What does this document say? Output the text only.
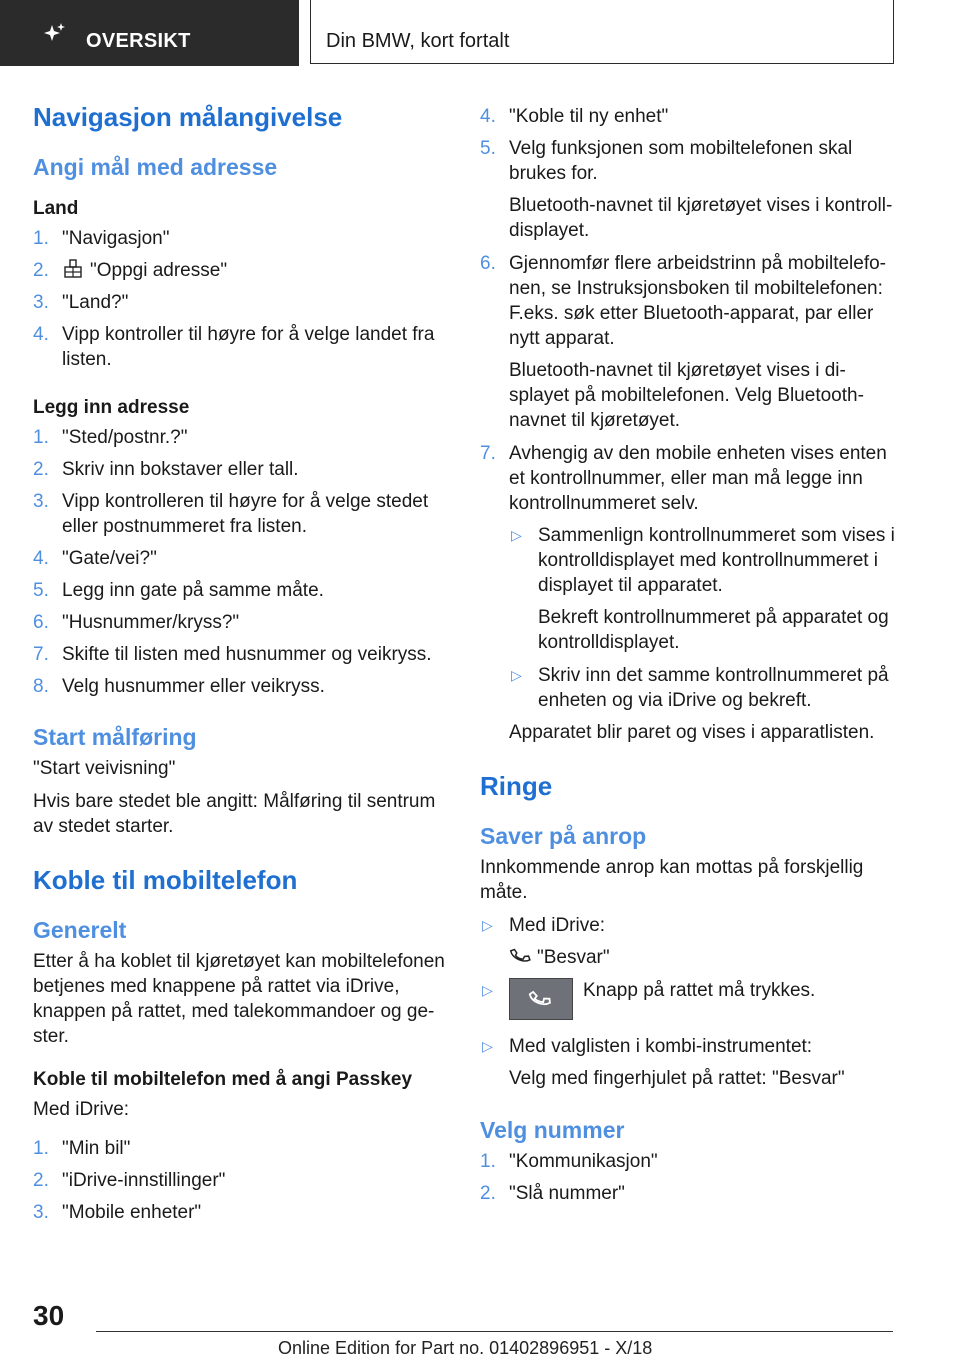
OVERSIKT	Din BMW, kort fortalt
Navigasjon målangivelse
Angi mål med adresse
Land
1. "Navigasjon"
2. "Oppgi adresse"
3. "Land?"
4. Vipp kontroller til høyre for å velge landet fra listen.
Legg inn adresse
1. "Sted/postnr.?"
2. Skriv inn bokstaver eller tall.
3. Vipp kontrolleren til høyre for å velge stedet eller postnummeret fra listen.
4. "Gate/vei?"
5. Legg inn gate på samme måte.
6. "Husnummer/kryss?"
7. Skifte til listen med husnummer og veikryss.
8. Velg husnummer eller veikryss.
Start målføring
"Start veivisning"
Hvis bare stedet ble angitt: Målføring til sentrum av stedet starter.
Koble til mobiltelefon
Generelt
Etter å ha koblet til kjøretøyet kan mobiltelefonen betjenes med knappene på rattet via iDrive, knappen på rattet, med talekommandoer og ge-ster.
Koble til mobiltelefon med å angi Passkey
Med iDrive:
1. "Min bil"
2. "iDrive-innstillinger"
3. "Mobile enheter"
4. "Koble til ny enhet"
5. Velg funksjonen som mobiltelefonen skal brukes for.
Bluetooth-navnet til kjøretøyet vises i kontroll-displayet.
6. Gjennomfør flere arbeidstrinn på mobiltelefo-nen, se Instruksjonsboken til mobiltelefonen: F.eks. søk etter Bluetooth-apparat, par eller nytt apparat.
Bluetooth-navnet til kjøretøyet vises i di-splayet på mobiltelefonen. Velg Bluetooth-navnet til kjøretøyet.
7. Avhengig av den mobile enheten vises enten et kontrollnummer, eller man må legge inn kontrollnummeret selv.
▷ Sammenlign kontrollnummeret som vises i kontrolldisplayet med kontrollnummeret i displayet til apparatet.
Bekreft kontrollnummeret på apparatet og kontrolldisplayet.
▷ Skriv inn det samme kontrollnummeret på enheten og via iDrive og bekreft.
Apparatet blir paret og vises i apparatlisten.
Ringe
Saver på anrop
Innkommende anrop kan mottas på forskjellig måte.
▷ Med iDrive:
"Besvar"
▷	Knapp på rattet må trykkes.
▷ Med valglisten i kombi-instrumentet:
Velg med fingerhjulet på rattet: "Besvar"
Velg nummer
1. "Kommunikasjon"
2. "Slå nummer"
30
Online Edition for Part no. 01402896951 - X/18
